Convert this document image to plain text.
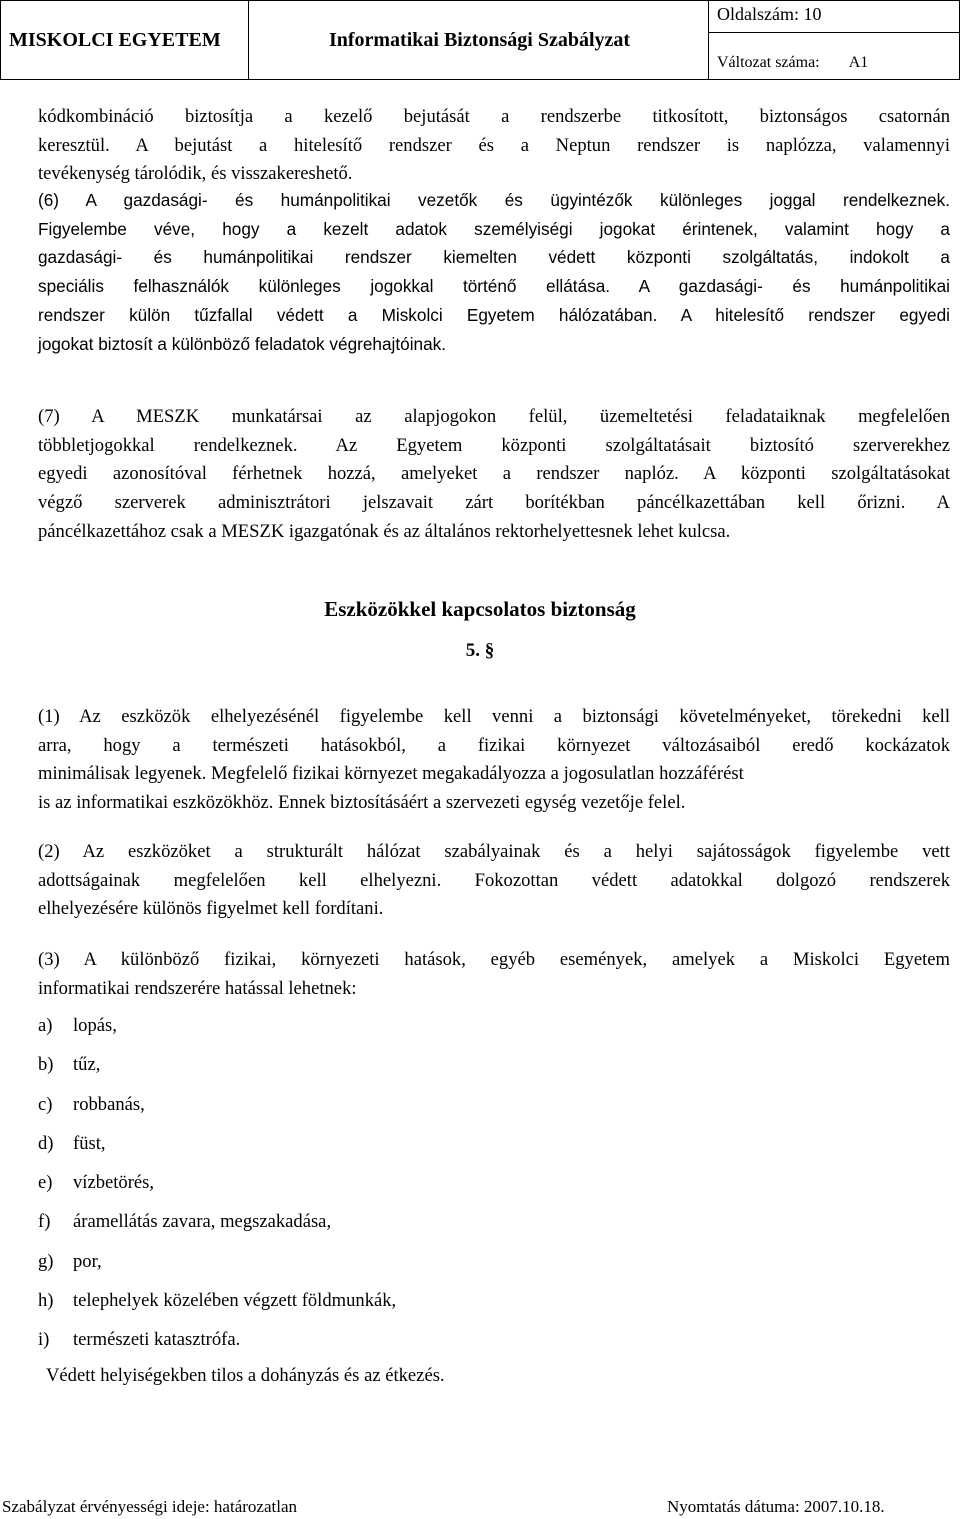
MISKOLCI EGYETEM	Informatikai Biztonsági Szabályzat
Oldalszám: 10
Változat száma: A1
kódkombináció biztosítja a kezelő bejutását a rendszerbe titkosított, biztonságos csatornán
keresztül. A bejutást a hitelesítő rendszer és a Neptun rendszer is naplózza, valamennyi
tevékenység tárolódik, és visszakereshető.
(6) A gazdasági- és humánpolitikai vezetők és ügyintézők különleges joggal rendelkeznek.
Figyelembe véve, hogy a kezelt adatok személyiségi jogokat érintenek, valamint hogy a
gazdasági- és humánpolitikai rendszer kiemelten védett központi szolgáltatás, indokolt a
speciális felhasználók különleges jogokkal történő ellátása. A gazdasági- és humánpolitikai
rendszer külön tűzfallal védett a Miskolci Egyetem hálózatában. A hitelesítő rendszer egyedi
jogokat biztosít a különböző feladatok végrehajtóinak.
(7) A MESZK munkatársai az alapjogokon felül, üzemeltetési feladataiknak megfelelően
többletjogokkal rendelkeznek. Az Egyetem központi szolgáltatásait biztosító szerverekhez
egyedi azonosítóval férhetnek hozzá, amelyeket a rendszer naplóz. A központi szolgáltatásokat
végző szerverek adminisztrátori jelszavait zárt borítékban páncélkazettában kell őrizni. A
páncélkazettához csak a MESZK igazgatónak és az általános rektorhelyettesnek lehet kulcsa.
Eszközökkel kapcsolatos biztonság
5. §
(1) Az eszközök elhelyezésénél figyelembe kell venni a biztonsági követelményeket, törekedni kell
arra, hogy a természeti hatásokból, a fizikai környezet változásaiból eredő kockázatok
minimálisak legyenek. Megfelelő fizikai környezet megakadályozza a jogosulatlan hozzáférést
is az informatikai eszközökhöz. Ennek biztosításáért a szervezeti egység vezetője felel.
(2) Az eszközöket a strukturált hálózat szabályainak és a helyi sajátosságok figyelembe vett
adottságainak megfelelően kell elhelyezni. Fokozottan védett adatokkal dolgozó rendszerek
elhelyezésére különös figyelmet kell fordítani.
(3) A különböző fizikai, környezeti hatások, egyéb események, amelyek a Miskolci Egyetem
informatikai rendszerére hatással lehetnek:
a)	lopás,
b)	tűz,
c)	robbanás,
d)	füst,
e)	vízbetörés,
f)	áramellátás zavara, megszakadása,
g)	por,
h)	telephelyek közelében végzett földmunkák,
i)	természeti katasztrófa.
Védett helyiségekben tilos a dohányzás és az étkezés.
Szabályzat érvényességi ideje: határozatlan	Nyomtatás dátuma: 2007.10.18.
